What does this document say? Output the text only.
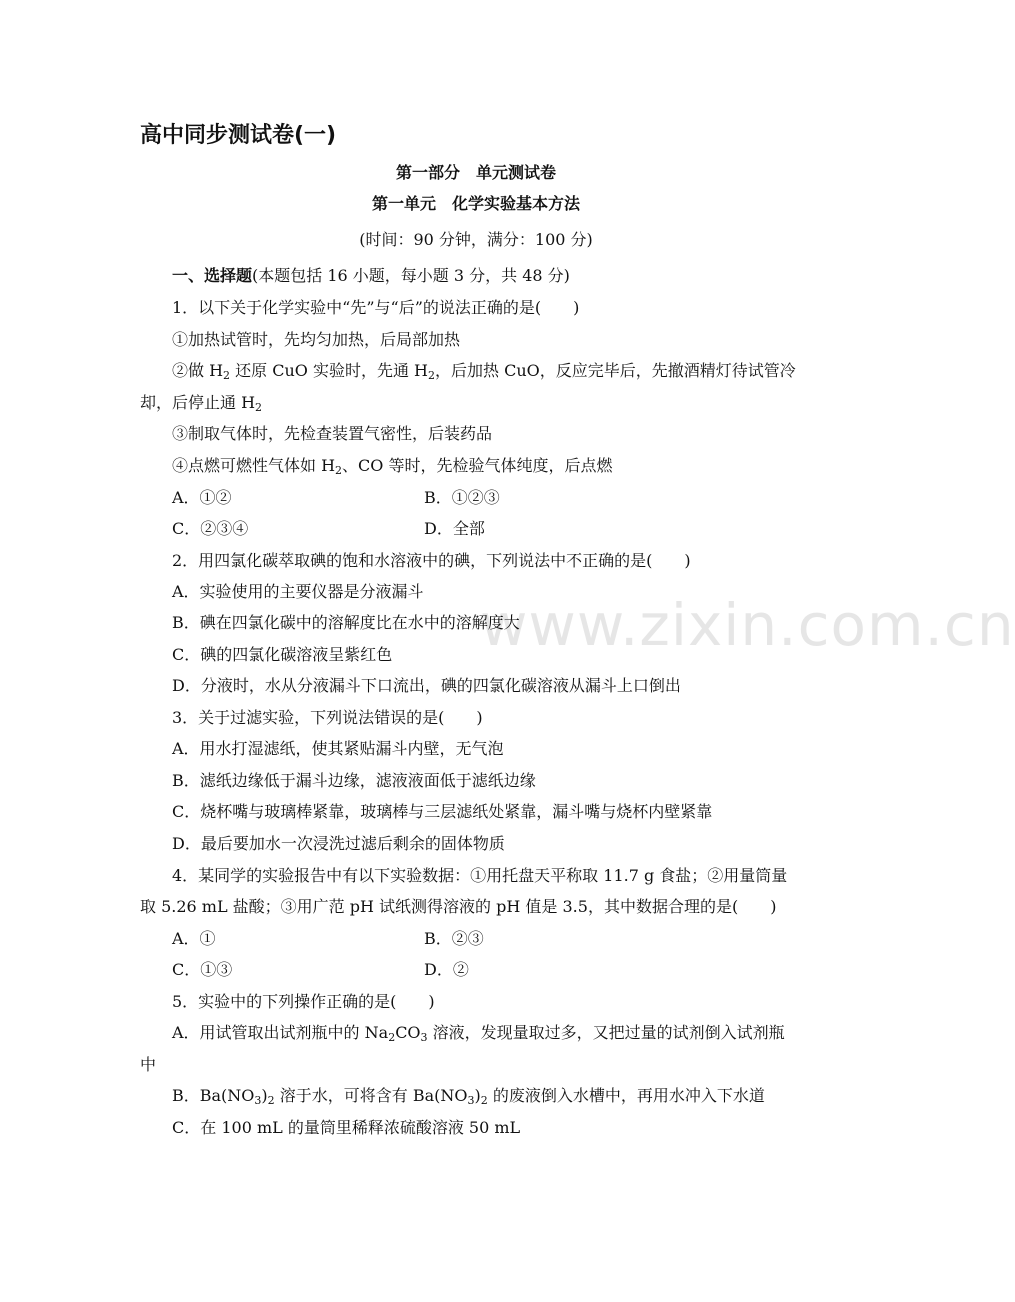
www.zixin.com.cn
高中同步测试卷(一)
第一部分　单元测试卷
第一单元　化学实验基本方法
(时间：90 分钟，满分：100 分)
一、选择题(本题包括 16 小题，每小题 3 分，共 48 分)
1．以下关于化学实验中“先”与“后”的说法正确的是(　　)
①加热试管时，先均匀加热，后局部加热
②做 $H_2$ 还原 CuO 实验时，先通 $H_2$，后加热 CuO，反应完毕后，先撤酒精灯待试管冷
却，后停止通 $H_2$
③制取气体时，先检查装置气密性，后装药品
④点燃可燃性气体如 $H_2$、CO 等时，先检验气体纯度，后点燃
A．①②	B．①②③
C．②③④	D．全部
2．用四氯化碳萃取碘的饱和水溶液中的碘，下列说法中不正确的是(　　)
A．实验使用的主要仪器是分液漏斗
B．碘在四氯化碳中的溶解度比在水中的溶解度大
C．碘的四氯化碳溶液呈紫红色
D．分液时，水从分液漏斗下口流出，碘的四氯化碳溶液从漏斗上口倒出
3．关于过滤实验，下列说法错误的是(　　)
A．用水打湿滤纸，使其紧贴漏斗内壁，无气泡
B．滤纸边缘低于漏斗边缘，滤液液面低于滤纸边缘
C．烧杯嘴与玻璃棒紧靠，玻璃棒与三层滤纸处紧靠，漏斗嘴与烧杯内壁紧靠
D．最后要加水一次浸洗过滤后剩余的固体物质
4．某同学的实验报告中有以下实验数据：①用托盘天平称取 11.7 g 食盐；②用量筒量
取 5.26 mL 盐酸；③用广范 pH 试纸测得溶液的 pH 值是 3.5，其中数据合理的是(　　)
A．①	B．②③
C．①③	D．②
5．实验中的下列操作正确的是(　　)
A．用试管取出试剂瓶中的 $Na_2CO_3$ 溶液，发现量取过多，又把过量的试剂倒入试剂瓶
中
B．$Ba(NO_3)_2$ 溶于水，可将含有 $Ba(NO_3)_2$ 的废液倒入水槽中，再用水冲入下水道
C．在 100 mL 的量筒里稀释浓硫酸溶液 50 mL
